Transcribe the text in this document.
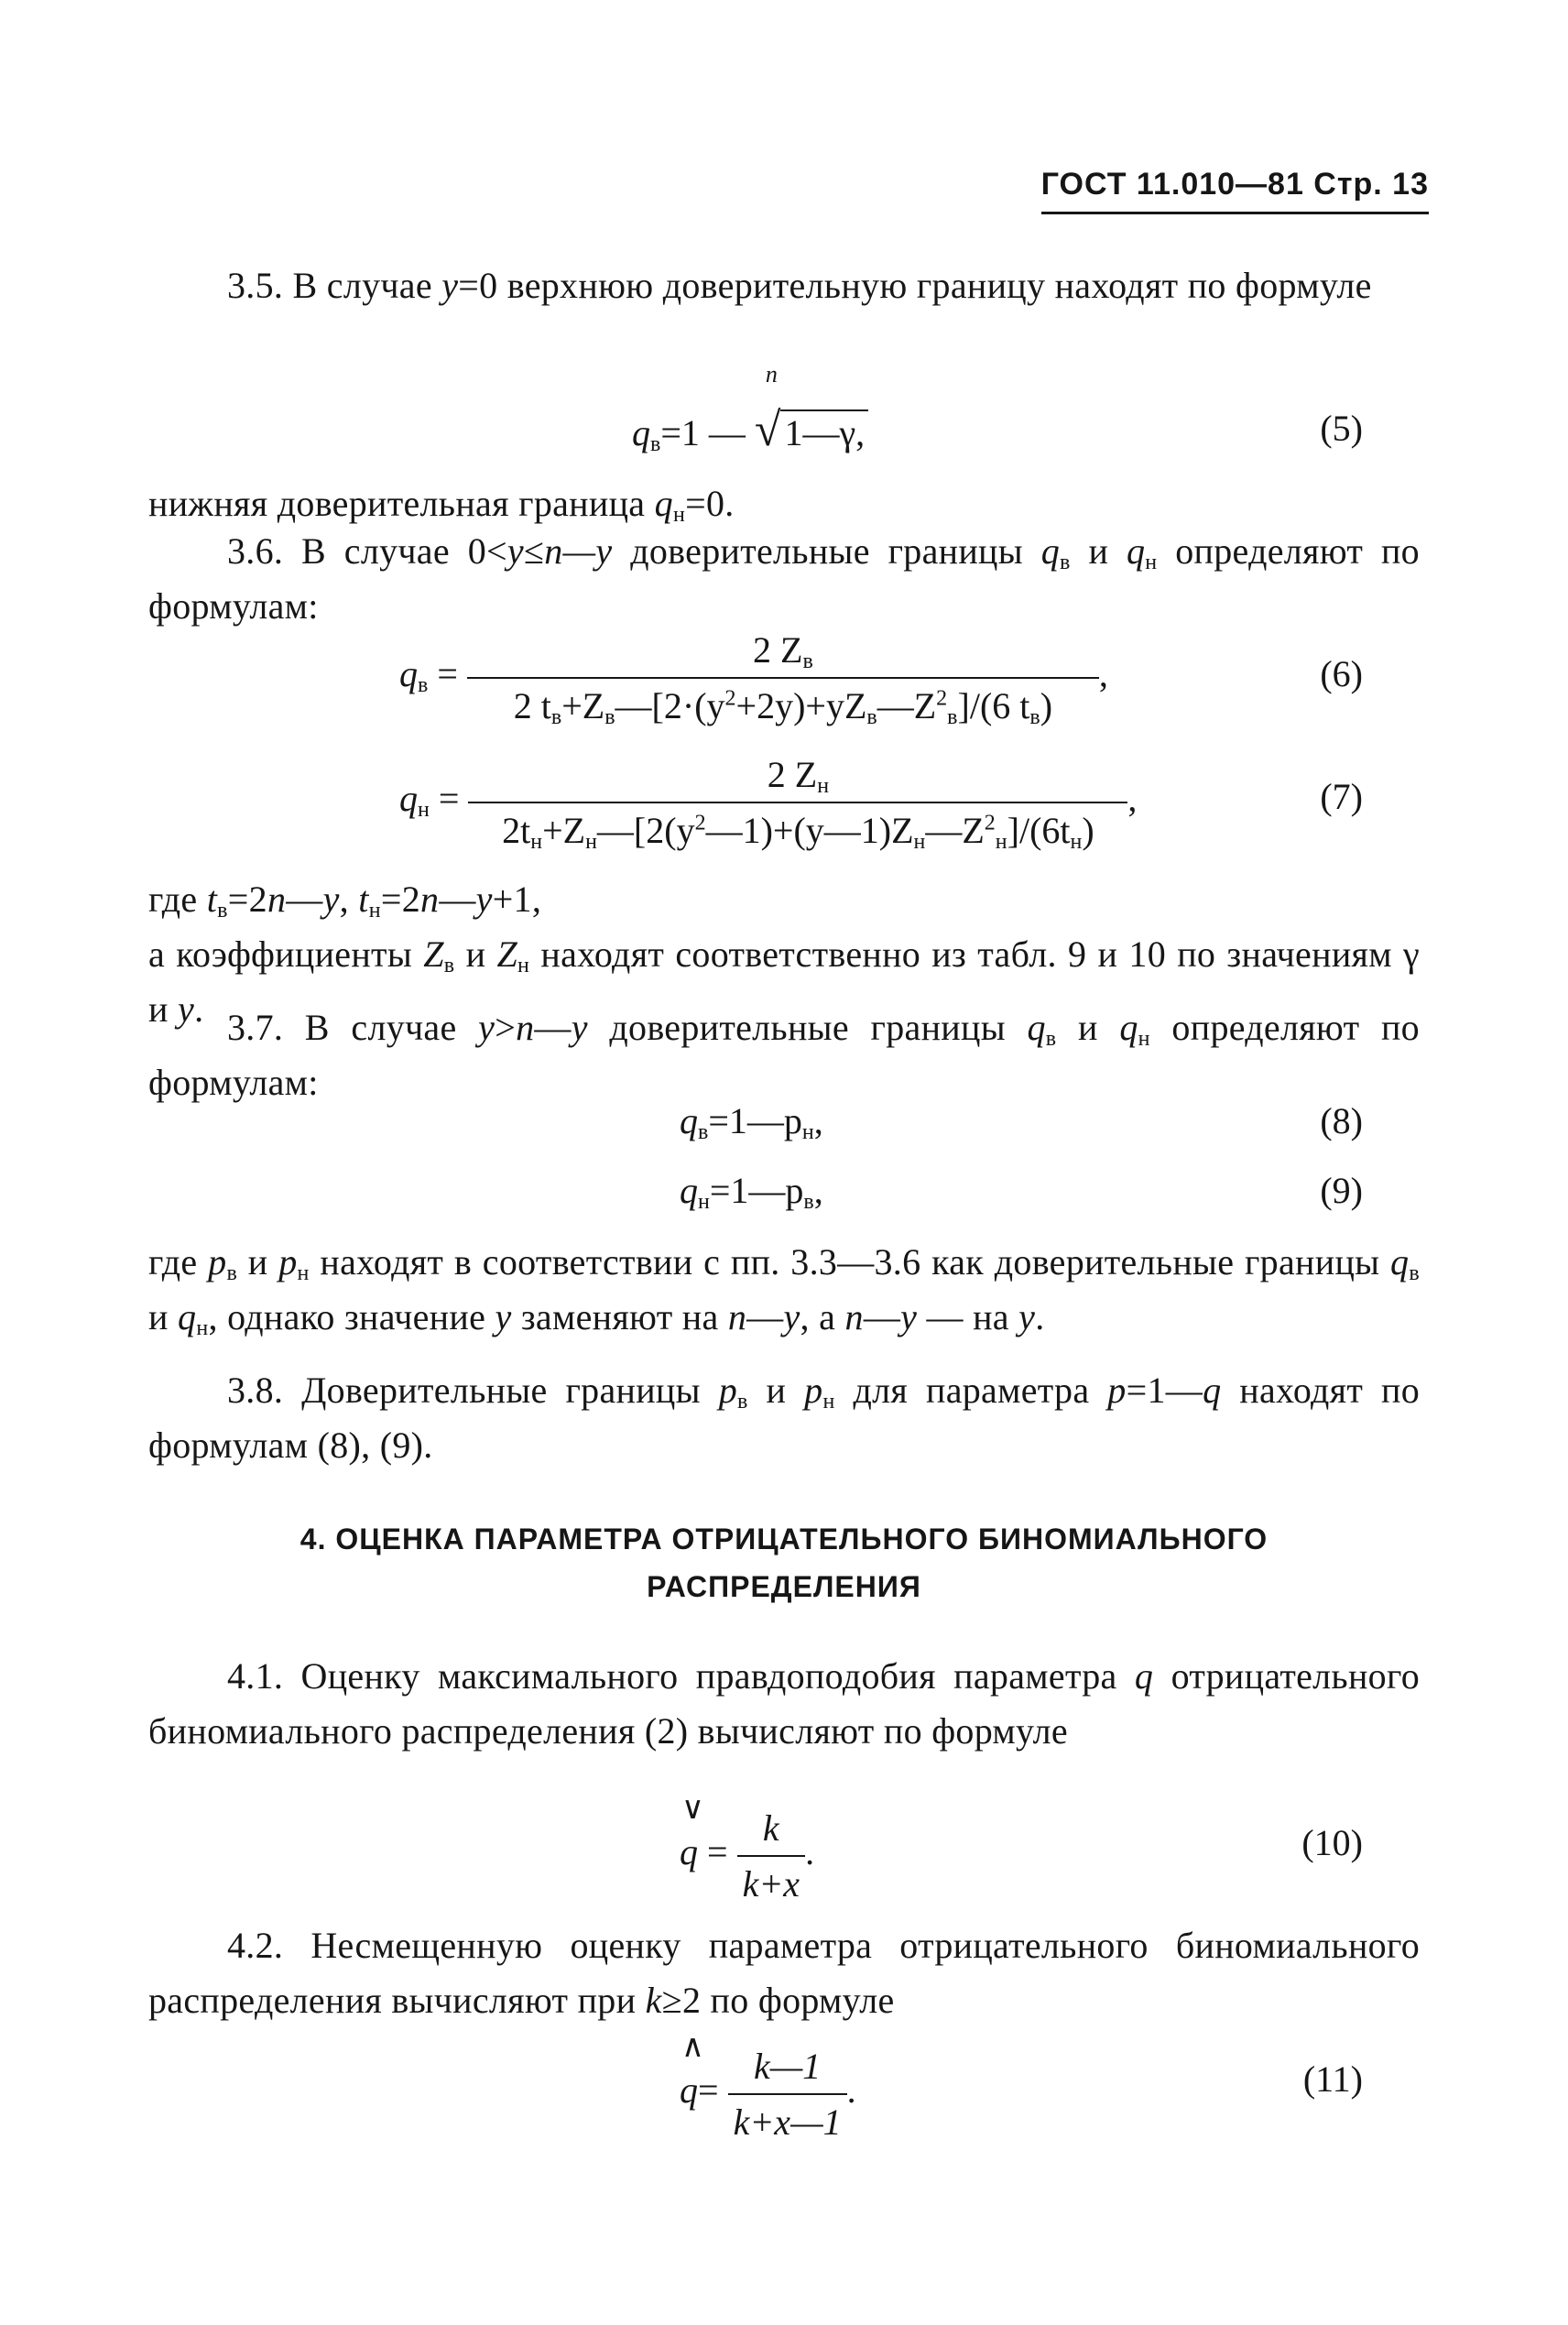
ГОСТ 11.010—81 Стр. 13

3.5. В случае y=0 верхнюю доверительную границу находят по формуле

$q_в=1$ —
n
√ 1—γ,	(5)

нижняя доверительная граница $q_н=0$.

3.6. В случае 0<y≤n—y доверительные границы $q_в$ и $q_н$ определяют по формулам:

$q_в = \frac{2 Z_в}{2 t_в+Z_в—[2\cdot(y^2+2y)+yZ_в—Z^2_в]/(6 t_в)}$ ,	(6)
$q_н = \frac{2 Z_н}{2t_н+Z_н—[2(y^2—1)+(y—1)Z_н—Z^2_н]/(6t_н)}$ ,	(7)

где $t_в=2n—y$, $t_н=2n—y+1$,
а коэффициенты $Z_в$ и $Z_н$ находят соответственно из табл. 9 и 10 по значениям γ и y. 3.7. В случае y>n—y доверительные границы $q_в$ и $q_н$ определяют по формулам:

$q_в=1—p_н$,	(8)
$q_н=1—p_в$,	(9)

где $p_в$ и $p_н$ находят в соответствии с пп. 3.3—3.6 как доверительные границы $q_в$ и $q_н$, однако значение y заменяют на n—y, а n—y — на y.

3.8. Доверительные границы $p_в$ и $p_н$ для параметра p=1—q находят по формулам (8), (9).

4. ОЦЕНКА ПАРАМЕТРА ОТРИЦАТЕЛЬНОГО БИНОМИАЛЬНОГО
РАСПРЕДЕЛЕНИЯ

4.1. Оценку максимального правдоподобия параметра q отрицательного биномиального распределения (2) вычисляют по формуле

∨
$q = \frac{k}{k+x}$ .	(10)

4.2. Несмещенную оценку параметра отрицательного биномиального распределения вычисляют при k≥2 по формуле

∧
$q= \frac{k—1}{k+x—1}$ .	(11)
